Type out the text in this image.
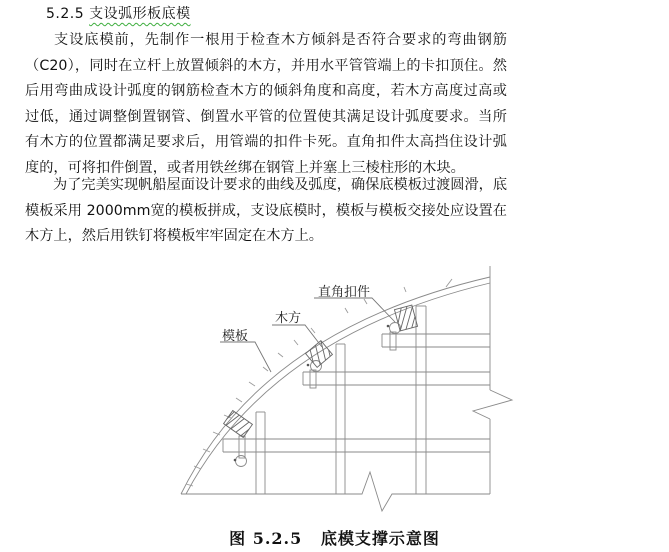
5.2.5 支设弧形板底模
支设底模前，先制作一根用于检查木方倾斜是否符合要求的弯曲钢筋（C20），同时在立杆上放置倾斜的木方，并用水平管管端上的卡扣顶住。然后用弯曲成设计弧度的钢筋检查木方的倾斜角度和高度，若木方高度过高或过低，通过调整倒置钢管、倒置水平管的位置使其满足设计弧度要求。当所有木方的位置都满足要求后，用管端的扣件卡死。直角扣件太高挡住设计弧度的，可将扣件倒置，或者用铁丝绑在钢管上并塞上三棱柱形的木块。
为了完美实现帆船屋面设计要求的曲线及弧度，确保底模板过渡圆滑，底模板采用 2000mm宽的模板拼成，支设底模时，模板与模板交接处应设置在木方上，然后用铁钉将模板牢牢固定在木方上。
模板
木方
直角扣件
图 5.2.5 底模支撑示意图
